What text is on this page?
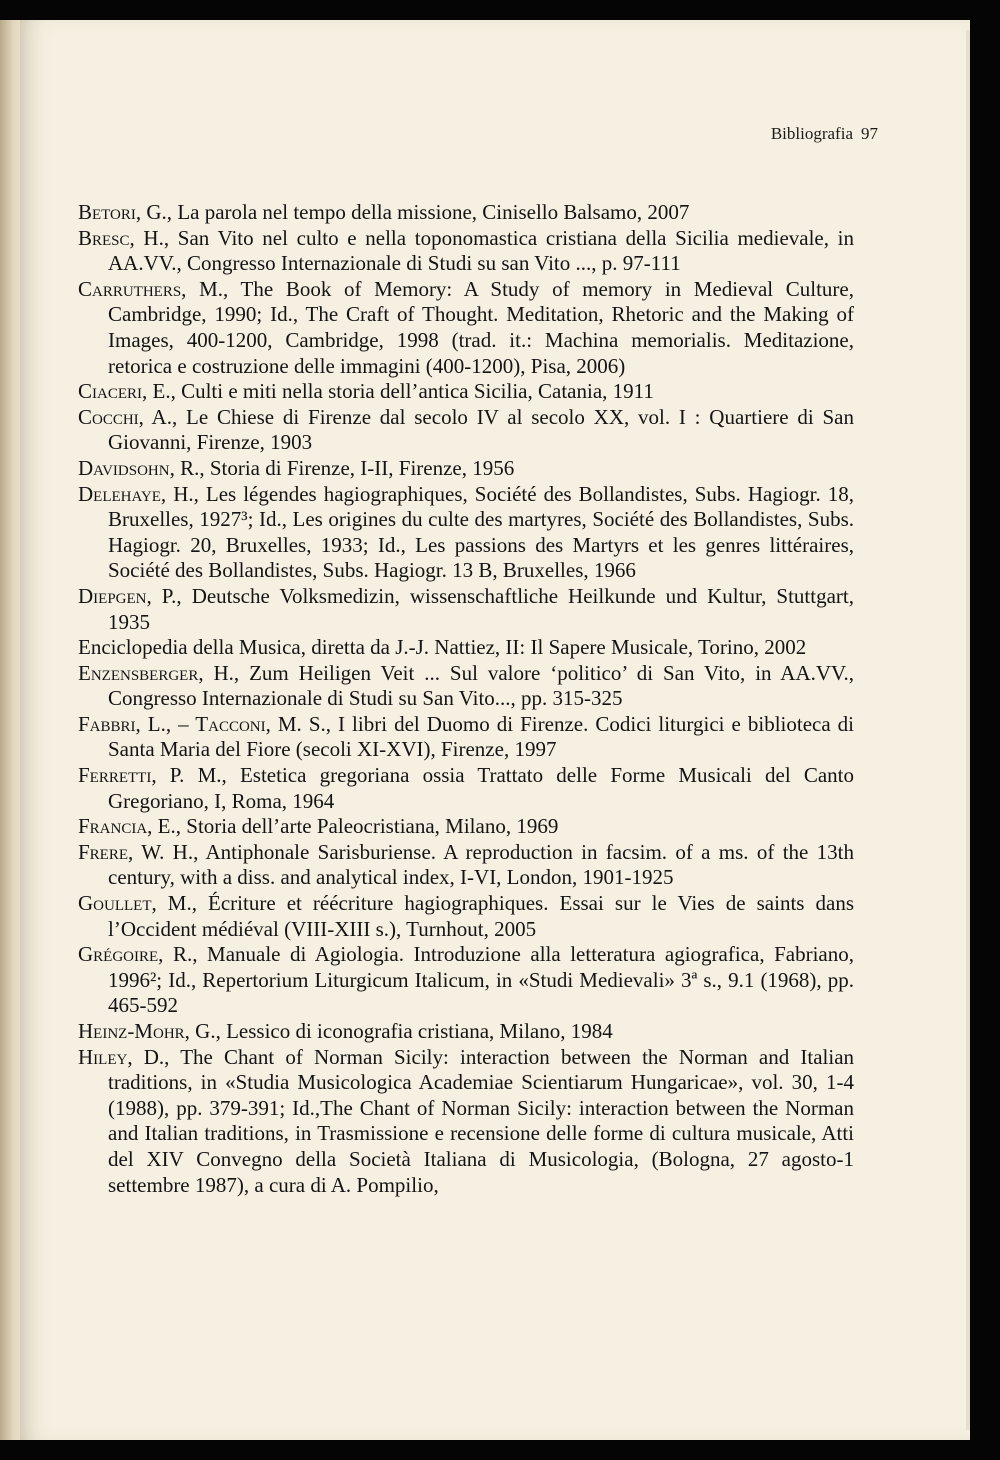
Bibliografia 97
Betori, G., La parola nel tempo della missione, Cinisello Balsamo, 2007
Bresc, H., San Vito nel culto e nella toponomastica cristiana della Sicilia medievale, in AA.VV., Congresso Internazionale di Studi su san Vito ..., p. 97-111
Carruthers, M., The Book of Memory: A Study of memory in Medieval Culture, Cambridge, 1990; Id., The Craft of Thought. Meditation, Rhetoric and the Making of Images, 400-1200, Cambridge, 1998 (trad. it.: Machina memorialis. Meditazione, retorica e costruzione delle immagini (400-1200), Pisa, 2006)
Ciaceri, E., Culti e miti nella storia dell’antica Sicilia, Catania, 1911
Cocchi, A., Le Chiese di Firenze dal secolo IV al secolo XX, vol. I : Quartiere di San Giovanni, Firenze, 1903
Davidsohn, R., Storia di Firenze, I-II, Firenze, 1956
Delehaye, H., Les légendes hagiographiques, Société des Bollandistes, Subs. Hagiogr. 18, Bruxelles, 1927³; Id., Les origines du culte des martyres, Société des Bollandistes, Subs. Hagiogr. 20, Bruxelles, 1933; Id., Les passions des Martyrs et les genres littéraires, Société des Bollandistes, Subs. Hagiogr. 13 B, Bruxelles, 1966
Diepgen, P., Deutsche Volksmedizin, wissenschaftliche Heilkunde und Kultur, Stuttgart, 1935
Enciclopedia della Musica, diretta da J.-J. Nattiez, II: Il Sapere Musicale, Torino, 2002
Enzensberger, H., Zum Heiligen Veit ... Sul valore ‘politico’ di San Vito, in AA.VV., Congresso Internazionale di Studi su San Vito..., pp. 315-325
Fabbri, L., – Tacconi, M. S., I libri del Duomo di Firenze. Codici liturgici e biblioteca di Santa Maria del Fiore (secoli XI-XVI), Firenze, 1997
Ferretti, P. M., Estetica gregoriana ossia Trattato delle Forme Musicali del Canto Gregoriano, I, Roma, 1964
Francia, E., Storia dell’arte Paleocristiana, Milano, 1969
Frere, W. H., Antiphonale Sarisburiense. A reproduction in facsim. of a ms. of the 13th century, with a diss. and analytical index, I-VI, London, 1901-1925
Goullet, M., Écriture et réécriture hagiographiques. Essai sur le Vies de saints dans l’Occident médiéval (VIII-XIII s.), Turnhout, 2005
Grégoire, R., Manuale di Agiologia. Introduzione alla letteratura agiografica, Fabriano, 1996²; Id., Repertorium Liturgicum Italicum, in «Studi Medievali» 3ª s., 9.1 (1968), pp. 465-592
Heinz-Mohr, G., Lessico di iconografia cristiana, Milano, 1984
Hiley, D., The Chant of Norman Sicily: interaction between the Norman and Italian traditions, in «Studia Musicologica Academiae Scientiarum Hungaricae», vol. 30, 1-4 (1988), pp. 379-391; Id.,The Chant of Norman Sicily: interaction between the Norman and Italian traditions, in Trasmissione e recensione delle forme di cultura musicale, Atti del XIV Convegno della Società Italiana di Musicologia, (Bologna, 27 agosto-1 settembre 1987), a cura di A. Pompilio,
